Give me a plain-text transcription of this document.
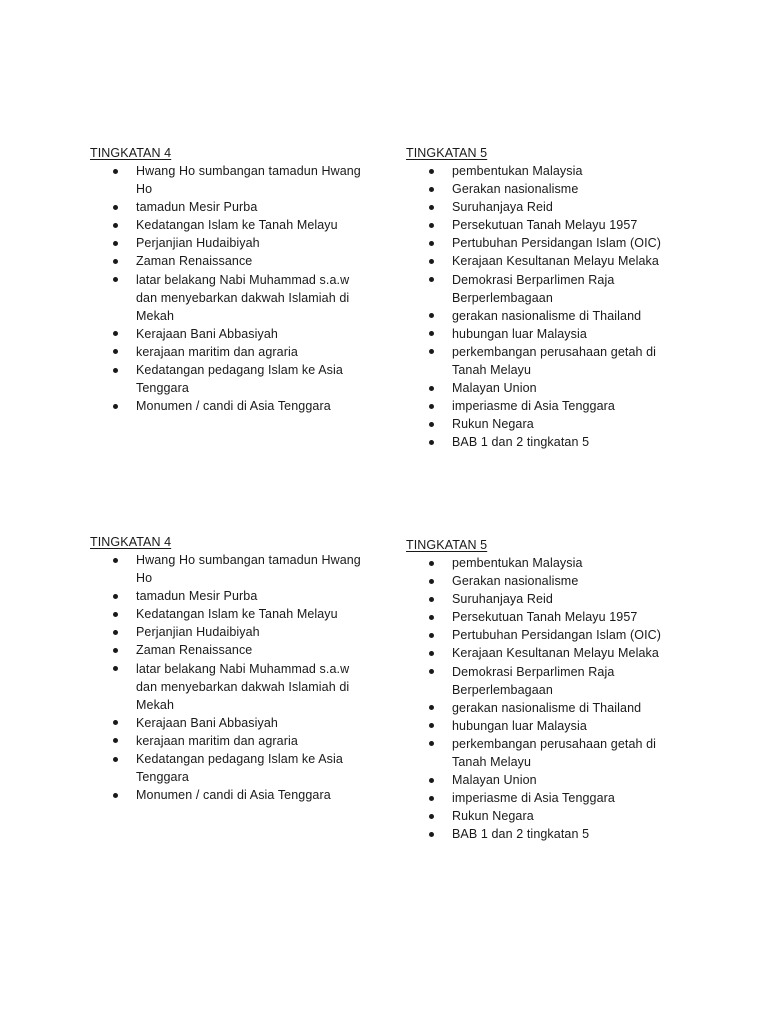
TINGKATAN 4

Hwang Ho sumbangan tamadun Hwang Ho
tamadun Mesir Purba
Kedatangan Islam ke Tanah Melayu
Perjanjian Hudaibiyah
Zaman Renaissance
latar belakang Nabi Muhammad s.a.w dan menyebarkan dakwah Islamiah di Mekah
Kerajaan Bani Abbasiyah
kerajaan maritim dan agraria
Kedatangan pedagang Islam ke Asia Tenggara
Monumen / candi di Asia Tenggara

TINGKATAN 5

pembentukan Malaysia
Gerakan nasionalisme
Suruhanjaya Reid
Persekutuan Tanah Melayu 1957
Pertubuhan Persidangan Islam (OIC)
Kerajaan Kesultanan Melayu Melaka
Demokrasi Berparlimen Raja Berperlembagaan
gerakan nasionalisme di Thailand
hubungan luar Malaysia
perkembangan perusahaan getah di Tanah Melayu
Malayan Union
imperiasme di Asia Tenggara
Rukun Negara
BAB 1 dan 2 tingkatan 5

TINGKATAN 4

Hwang Ho sumbangan tamadun Hwang Ho
tamadun Mesir Purba
Kedatangan Islam ke Tanah Melayu
Perjanjian Hudaibiyah
Zaman Renaissance
latar belakang Nabi Muhammad s.a.w dan menyebarkan dakwah Islamiah di Mekah
Kerajaan Bani Abbasiyah
kerajaan maritim dan agraria
Kedatangan pedagang Islam ke Asia Tenggara
Monumen / candi di Asia Tenggara

TINGKATAN 5

pembentukan Malaysia
Gerakan nasionalisme
Suruhanjaya Reid
Persekutuan Tanah Melayu 1957
Pertubuhan Persidangan Islam (OIC)
Kerajaan Kesultanan Melayu Melaka
Demokrasi Berparlimen Raja Berperlembagaan
gerakan nasionalisme di Thailand
hubungan luar Malaysia
perkembangan perusahaan getah di Tanah Melayu
Malayan Union
imperiasme di Asia Tenggara
Rukun Negara
BAB 1 dan 2 tingkatan 5
